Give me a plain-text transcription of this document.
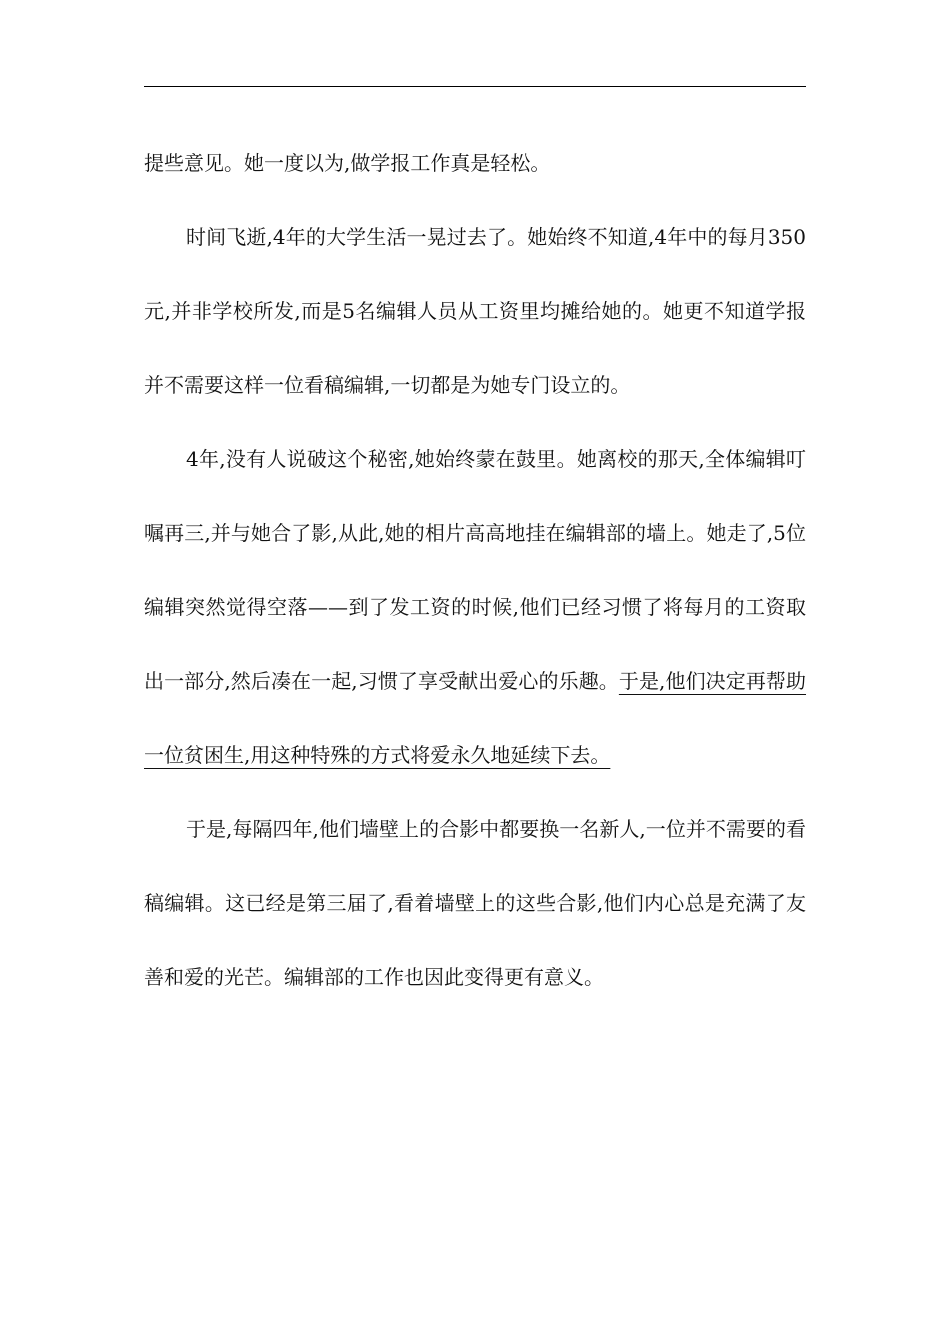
提些意见。她一度以为,做学报工作真是轻松。

时间飞逝,4年的大学生活一晃过去了。她始终不知道,4年中的每月350元,并非学校所发,而是5名编辑人员从工资里均摊给她的。她更不知道学报并不需要这样一位看稿编辑,一切都是为她专门设立的。

4年,没有人说破这个秘密,她始终蒙在鼓里。她离校的那天,全体编辑叮嘱再三,并与她合了影,从此,她的相片高高地挂在编辑部的墙上。她走了,5位编辑突然觉得空落——到了发工资的时候,他们已经习惯了将每月的工资取出一部分,然后凑在一起,习惯了享受献出爱心的乐趣。于是,他们决定再帮助一位贫困生,用这种特殊的方式将爱永久地延续下去。

于是,每隔四年,他们墙壁上的合影中都要换一名新人,一位并不需要的看稿编辑。这已经是第三届了,看着墙壁上的这些合影,他们内心总是充满了友善和爱的光芒。编辑部的工作也因此变得更有意义。
